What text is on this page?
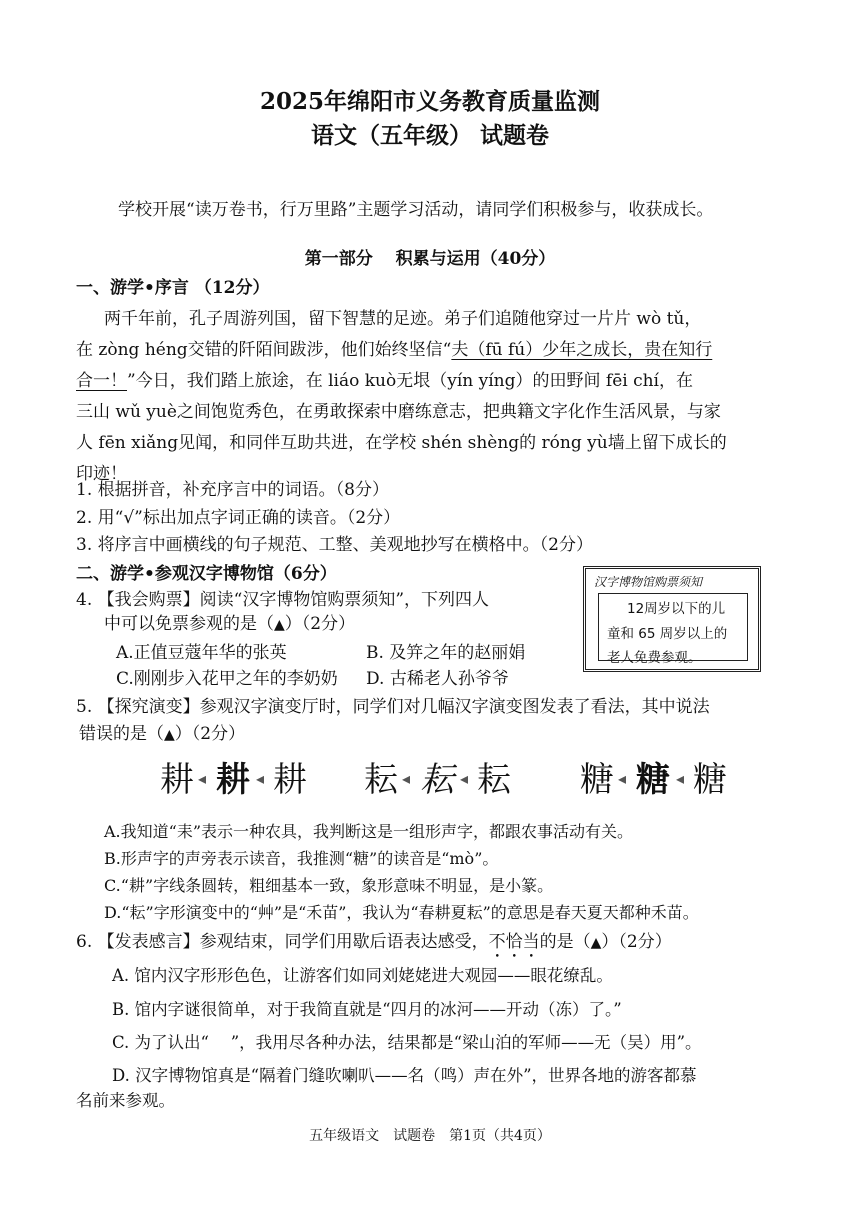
2025年绵阳市义务教育质量监测
语文（五年级） 试题卷
学校开展“读万卷书，行万里路”主题学习活动，请同学们积极参与，收获成长。
第一部分　 积累与运用（40分）
一、游学•序言 （12分）
两千年前，孔子周游列国，留下智慧的足迹。弟子们追随他穿过一片片 wò tǔ，
在 zòng héng交错的阡陌间跋涉，他们始终坚信“夫（fū fú）少年之成长，贵在知行
合一！”今日，我们踏上旅途，在 liáo kuò无垠（yín yíng）的田野间 fēi chí，在
三山 wǔ yuè之间饱览秀色，在勇敢探索中磨练意志，把典籍文字化作生活风景，与家
人 fēn xiǎng见闻，和同伴互助共进，在学校 shén shèng的 róng yù墙上留下成长的
印迹！
1. 根据拼音，补充序言中的词语。（8分）
2. 用“√”标出加点字词正确的读音。（2分）
3. 将序言中画横线的句子规范、工整、美观地抄写在横格中。（2分）
二、游学•参观汉字博物馆（6分）	汉字博物馆购票须知
12周岁以下的儿
童和 65 周岁以上的
老人免费参观。
4. 【我会购票】阅读“汉字博物馆购票须知”，下列四人
中可以免票参观的是（▲）（2分）
A.正值豆蔻年华的张英	B. 及笄之年的赵丽娟
C.刚刚步入花甲之年的李奶奶 D. 古稀老人孙爷爷
5. 【探究演变】参观汉字演变厅时，同学们对几幅汉字演变图发表了看法，其中说法
错误的是（▲）（2分）
耕 ◂ 耕 ◂ 耕 耘 ◂ 耘 ◂ 耘 糖 ◂ 糖 ◂ 糖
A.我知道“耒”表示一种农具，我判断这是一组形声字，都跟农事活动有关。
B.形声字的声旁表示读音，我推测“糖”的读音是“mò”。
C.“耕”字线条圆转，粗细基本一致，象形意味不明显，是小篆。
D.“耘”字形演变中的“艸”是“禾苗”，我认为“春耕夏耘”的意思是春天夏天都种禾苗。
6. 【发表感言】参观结束，同学们用歇后语表达感受，不恰当的是（▲）（2分）
A. 馆内汉字形形色色，让游客们如同刘姥姥进大观园——眼花缭乱。
B. 馆内字谜很简单，对于我简直就是“四月的冰河——开动（冻）了。”
C. 为了认出“　 ”，我用尽各种办法，结果都是“梁山泊的军师——无（吴）用”。
D. 汉字博物馆真是“隔着门缝吹喇叭——名（鸣）声在外”，世界各地的游客都慕
名前来参观。
五年级语文　试题卷　第1页（共4页）
